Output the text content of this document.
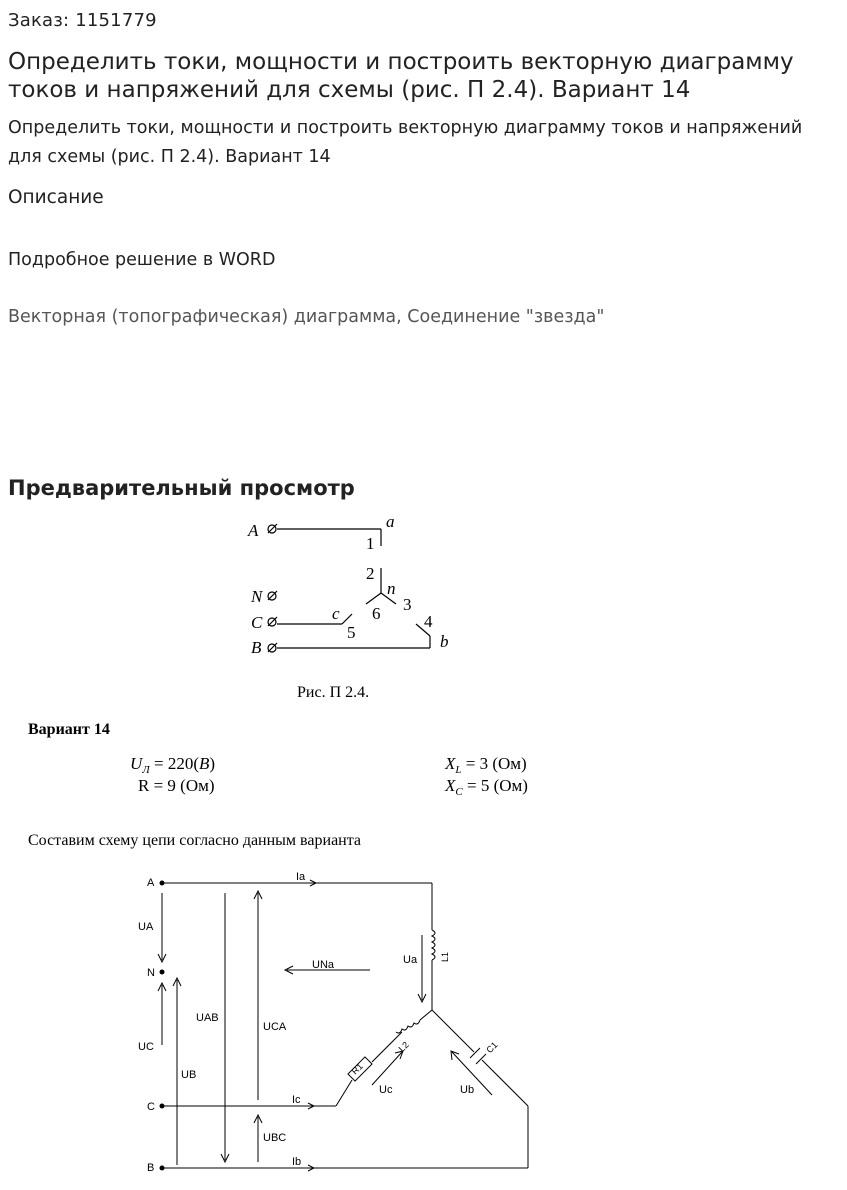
Заказ: 1151779
Определить токи, мощности и построить векторную диаграмму токов и напряжений для схемы (рис. П 2.4). Вариант 14
Определить токи, мощности и построить векторную диаграмму токов и напряжений для схемы (рис. П 2.4). Вариант 14
Описание
Подробное решение в WORD
Векторная (топографическая) диаграмма, Соединение "звезда"
Предварительный просмотр
A
N
C
B
a
b
c
n
1
2
3
4
5
6
Рис. П 2.4.
Вариант 14
$U_Л = 220(B)$
R = 9 (Ом)
$X_L = 3$ (Ом)
$X_C = 5$ (Ом)
Составим схему цепи согласно данным варианта
A
N
C
B
Ia
Ic
Ib
UA
UC
UB
UAB
UCA
UBC
UNa	Ua
Uc	Ub
L1
L2
R1
C1
